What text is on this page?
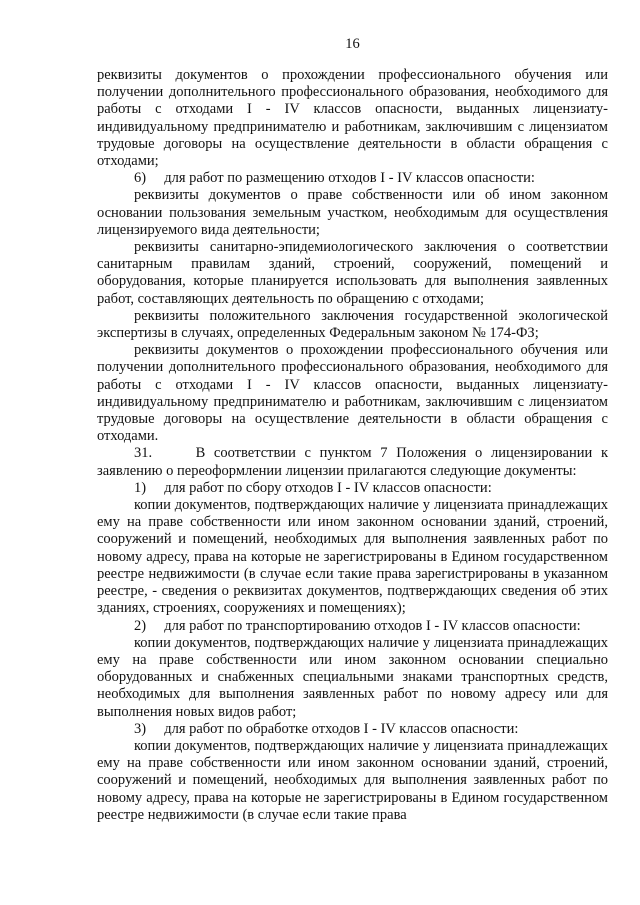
16

реквизиты документов о прохождении профессионального обучения или получении дополнительного профессионального образования, необходимого для работы с отходами I - IV классов опасности, выданных лицензиату-индивидуальному предпринимателю и работникам, заключившим с лицензиатом трудовые договоры на осуществление деятельности в области обращения с отходами;

6)     для работ по размещению отходов I - IV классов опасности:

реквизиты документов о праве собственности или об ином законном основании пользования земельным участком, необходимым для осуществления лицензируемого вида деятельности;

реквизиты санитарно-эпидемиологического заключения о соответствии санитарным правилам зданий, строений, сооружений, помещений и оборудования, которые планируется использовать для выполнения заявленных работ, составляющих деятельность по обращению с отходами;

реквизиты положительного заключения государственной экологической экспертизы в случаях, определенных Федеральным законом № 174-ФЗ;

реквизиты документов о прохождении профессионального обучения или получении дополнительного профессионального образования, необходимого для работы с отходами I - IV классов опасности, выданных лицензиату-индивидуальному предпринимателю и работникам, заключившим с лицензиатом трудовые договоры на осуществление деятельности в области обращения с отходами.

31.     В соответствии с пунктом 7 Положения о лицензировании к заявлению о переоформлении лицензии прилагаются следующие документы:

1)     для работ по сбору отходов I - IV классов опасности:

копии документов, подтверждающих наличие у лицензиата принадлежащих ему на праве собственности или ином законном основании зданий, строений, сооружений и помещений, необходимых для выполнения заявленных работ по новому адресу, права на которые не зарегистрированы в Едином государственном реестре недвижимости (в случае если такие права зарегистрированы в указанном реестре, - сведения о реквизитах документов, подтверждающих сведения об этих зданиях, строениях, сооружениях и помещениях);

2)     для работ по транспортированию отходов I - IV классов опасности:

копии документов, подтверждающих наличие у лицензиата принадлежащих ему на праве собственности или ином законном основании специально оборудованных и снабженных специальными знаками транспортных средств, необходимых для выполнения заявленных работ по новому адресу или для выполнения новых видов работ;

3)     для работ по обработке отходов I - IV классов опасности:

копии документов, подтверждающих наличие у лицензиата принадлежащих ему на праве собственности или ином законном основании зданий, строений, сооружений и помещений, необходимых для выполнения заявленных работ по новому адресу, права на которые не зарегистрированы в Едином государственном реестре недвижимости (в случае если такие права
